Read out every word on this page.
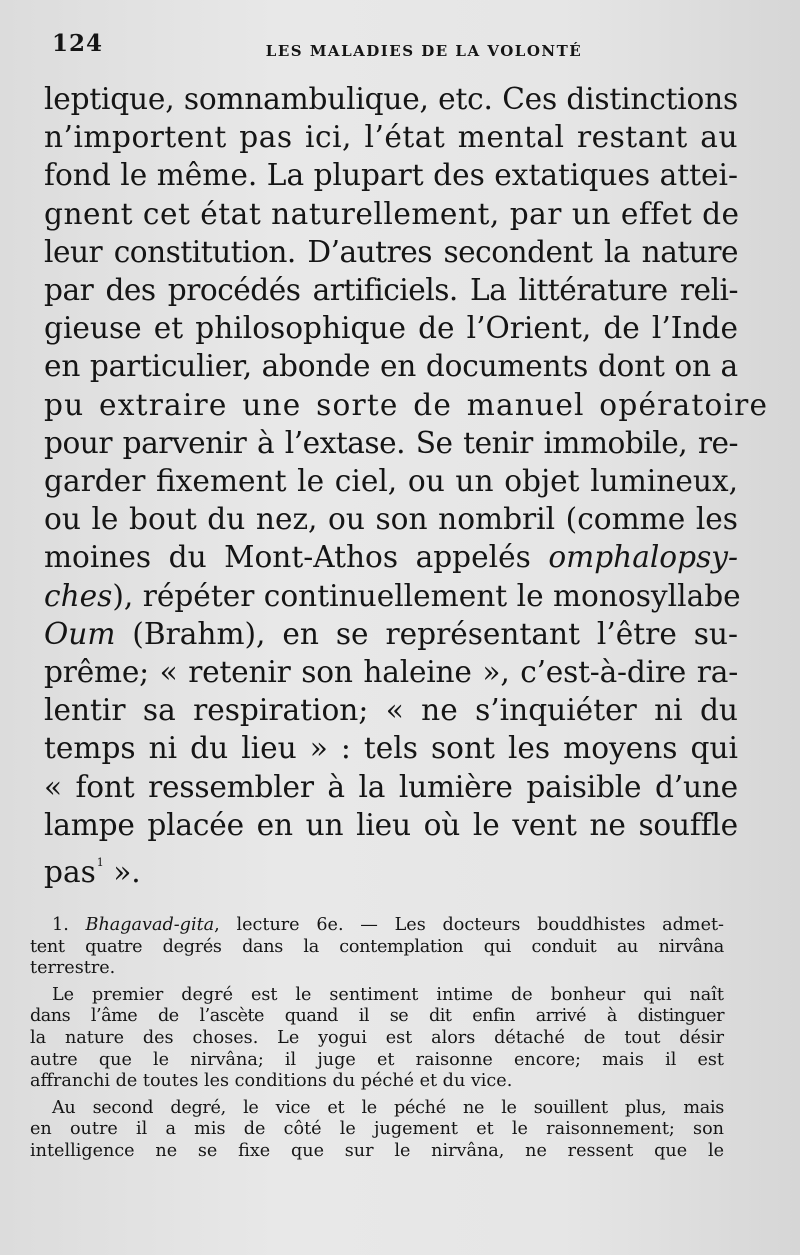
124	LES MALADIES DE LA VOLONTÉ
leptique, somnambulique, etc. Ces distinctions
n’importent pas ici, l’état mental restant au
fond le même. La plupart des extatiques attei-
gnent cet état naturellement, par un effet de
leur constitution. D’autres secondent la nature
par des procédés artificiels. La littérature reli-
gieuse et philosophique de l’Orient, de l’Inde
en particulier, abonde en documents dont on a
pu extraire une sorte de manuel opératoire
pour parvenir à l’extase. Se tenir immobile, re-
garder fixement le ciel, ou un objet lumineux,
ou le bout du nez, ou son nombril (comme les
moines du Mont-Athos appelés omphalopsy-
ches), répéter continuellement le monosyllabe
Oum (Brahm), en se représentant l’être su-
prême; « retenir son haleine », c’est-à-dire ra-
lentir sa respiration; « ne s’inquiéter ni du
temps ni du lieu » : tels sont les moyens qui
« font ressembler à la lumière paisible d’une
lampe placée en un lieu où le vent ne souffle
pas$^1$ ».
1. Bhagavad-gita, lecture 6e. — Les docteurs bouddhistes admet-
tent quatre degrés dans la contemplation qui conduit au nirvâna
terrestre.
Le premier degré est le sentiment intime de bonheur qui naît
dans l’âme de l’ascète quand il se dit enfin arrivé à distinguer
la nature des choses. Le yogui est alors détaché de tout désir
autre que le nirvâna; il juge et raisonne encore; mais il est
affranchi de toutes les conditions du péché et du vice.
Au second degré, le vice et le péché ne le souillent plus, mais
en outre il a mis de côté le jugement et le raisonnement; son
intelligence ne se fixe que sur le nirvâna, ne ressent que le
